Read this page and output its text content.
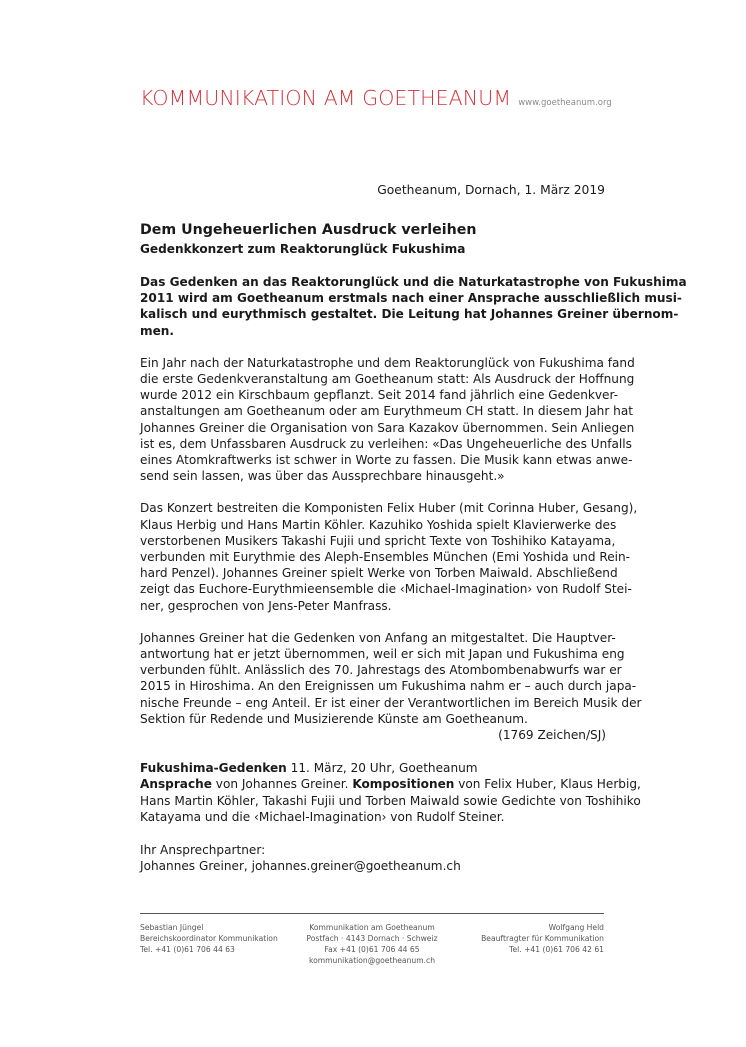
KOMMUNIKATION AM GOETHEANUM www.goetheanum.org
Goetheanum, Dornach, 1. März 2019
Dem Ungeheuerlichen Ausdruck verleihen
Gedenkkonzert zum Reaktorunglück Fukushima
Das Gedenken an das Reaktorunglück und die Naturkatastrophe von Fukushima
2011 wird am Goetheanum erstmals nach einer Ansprache ausschließlich musi-
kalisch und eurythmisch gestaltet. Die Leitung hat Johannes Greiner übernom-
men.
Ein Jahr nach der Naturkatastrophe und dem Reaktorunglück von Fukushima fand
die erste Gedenkveranstaltung am Goetheanum statt: Als Ausdruck der Hoffnung
wurde 2012 ein Kirschbaum gepflanzt. Seit 2014 fand jährlich eine Gedenkver-
anstaltungen am Goetheanum oder am Eurythmeum CH statt. In diesem Jahr hat
Johannes Greiner die Organisation von Sara Kazakov übernommen. Sein Anliegen
ist es, dem Unfassbaren Ausdruck zu verleihen: «Das Ungeheuerliche des Unfalls
eines Atomkraftwerks ist schwer in Worte zu fassen. Die Musik kann etwas anwe-
send sein lassen, was über das Aussprechbare hinausgeht.»
Das Konzert bestreiten die Komponisten Felix Huber (mit Corinna Huber, Gesang),
Klaus Herbig und Hans Martin Köhler. Kazuhiko Yoshida spielt Klavierwerke des
verstorbenen Musikers Takashi Fujii und spricht Texte von Toshihiko Katayama,
verbunden mit Eurythmie des Aleph-Ensembles München (Emi Yoshida und Rein-
hard Penzel). Johannes Greiner spielt Werke von Torben Maiwald. Abschließend
zeigt das Euchore-Eurythmieensemble die ‹Michael-Imagination› von Rudolf Stei-
ner, gesprochen von Jens-Peter Manfrass.
Johannes Greiner hat die Gedenken von Anfang an mitgestaltet. Die Hauptver-
antwortung hat er jetzt übernommen, weil er sich mit Japan und Fukushima eng
verbunden fühlt. Anlässlich des 70. Jahrestags des Atombombenabwurfs war er
2015 in Hiroshima. An den Ereignissen um Fukushima nahm er – auch durch japa-
nische Freunde – eng Anteil. Er ist einer der Verantwortlichen im Bereich Musik der
Sektion für Redende und Musizierende Künste am Goetheanum.
(1769 Zeichen/SJ)
Fukushima-Gedenken 11. März, 20 Uhr, Goetheanum
Ansprache von Johannes Greiner. Kompositionen von Felix Huber, Klaus Herbig,
Hans Martin Köhler, Takashi Fujii und Torben Maiwald sowie Gedichte von Toshihiko
Katayama und die ‹Michael-Imagination› von Rudolf Steiner.
Ihr Ansprechpartner:
Johannes Greiner, johannes.greiner@goetheanum.ch
Sebastian Jüngel
Bereichskoordinator Kommunikation
Tel. +41 (0)61 706 44 63
Kommunikation am Goetheanum
Postfach · 4143 Dornach · Schweiz
Fax +41 (0)61 706 44 65
kommunikation@goetheanum.ch
Wolfgang Held
Beauftragter für Kommunikation
Tel. +41 (0)61 706 42 61
